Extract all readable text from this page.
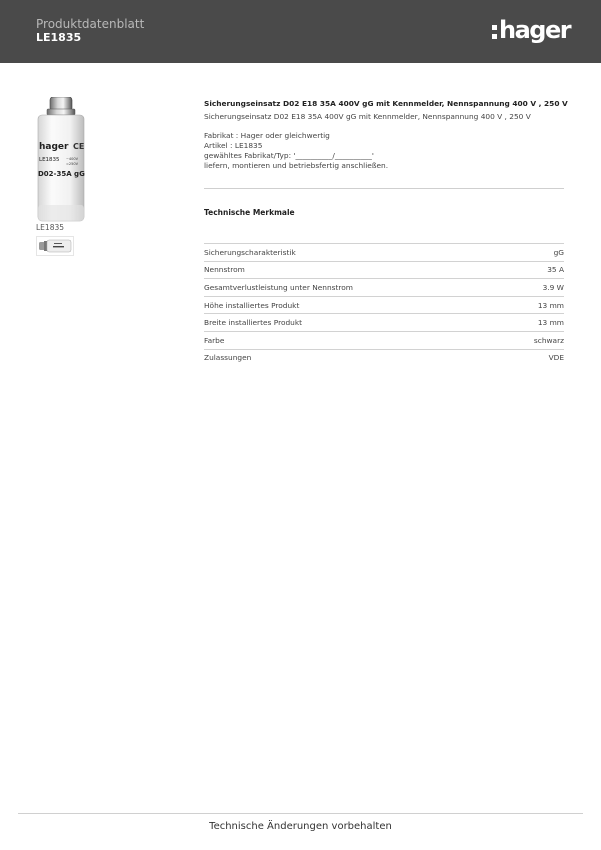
Produktdatenblatt
LE1835	hager
hager CE
LE1835 ~400V
=250V
D02-35A gG
LE1835
Sicherungseinsatz D02 E18 35A 400V gG mit Kennmelder, Nennspannung 400 V , 250 V
Sicherungseinsatz D02 E18 35A 400V gG mit Kennmelder, Nennspannung 400 V , 250 V
Fabrikat : Hager oder gleichwertig
Artikel : LE1835
gewähltes Fabrikat/Typ: '__________/__________'
liefern, montieren und betriebsfertig anschließen.
Technische Merkmale
Sicherungscharakteristik	gG
Nennstrom	35 A
Gesamtverlustleistung unter Nennstrom	3.9 W
Höhe installiertes Produkt	13 mm
Breite installiertes Produkt	13 mm
Farbe	schwarz
Zulassungen	VDE
Technische Änderungen vorbehalten
